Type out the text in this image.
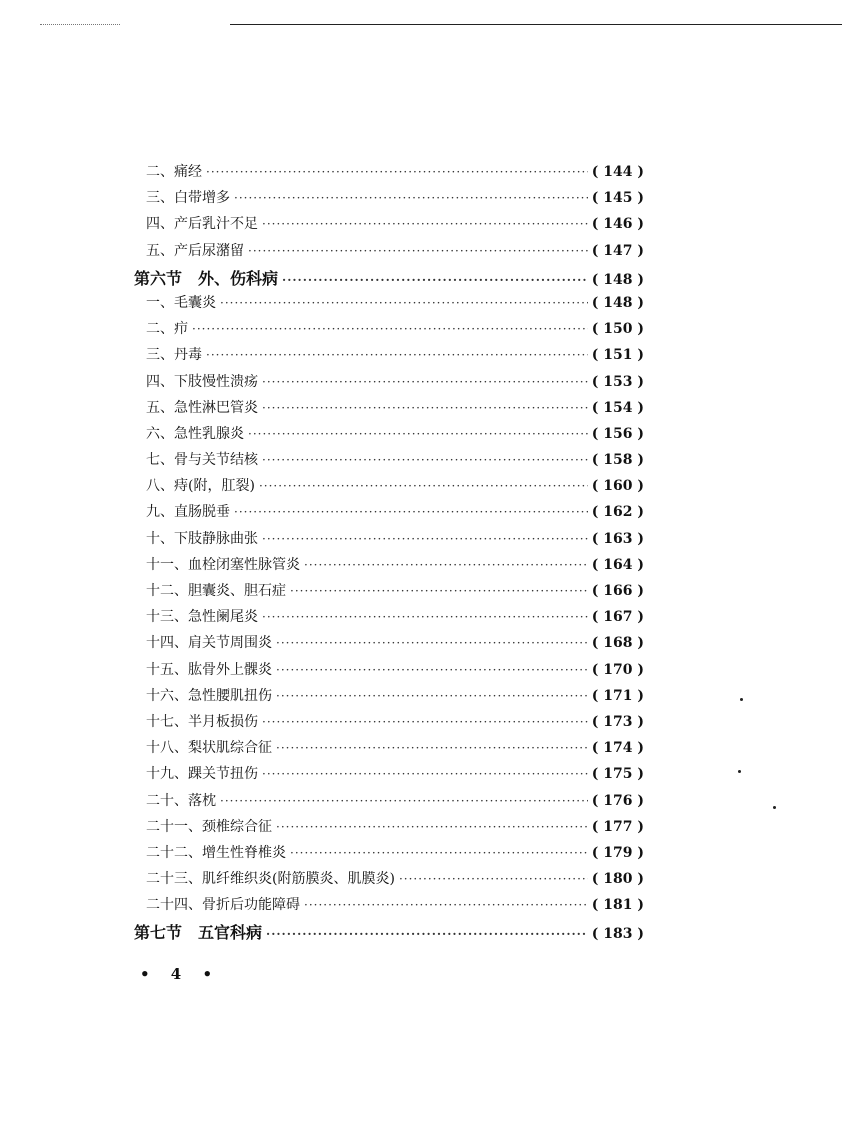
二、痛经 ·····	( 144 )
三、白带增多 ·····	( 145 )
四、产后乳汁不足 ·····	( 146 )
五、产后尿潴留 ·····	( 147 )
第六节　外、伤科病 ·····	( 148 )
一、毛囊炎 ·····	( 148 )
二、疖 ·····	( 150 )
三、丹毒 ·····	( 151 )
四、下肢慢性溃疡 ·····	( 153 )
五、急性淋巴管炎 ·····	( 154 )
六、急性乳腺炎 ·····	( 156 )
七、骨与关节结核 ·····	( 158 )
八、痔(附，肛裂) ·····	( 160 )
九、直肠脱垂 ·····	( 162 )
十、下肢静脉曲张 ·····	( 163 )
十一、血栓闭塞性脉管炎 ·····	( 164 )
十二、胆囊炎、胆石症 ·····	( 166 )
十三、急性阑尾炎 ·····	( 167 )
十四、肩关节周围炎 ·····	( 168 )
十五、肱骨外上髁炎 ·····	( 170 )
十六、急性腰肌扭伤 ·····	( 171 )
十七、半月板损伤 ·····	( 173 )
十八、梨状肌综合征 ·····	( 174 )
十九、踝关节扭伤 ·····	( 175 )
二十、落枕 ·····	( 176 )
二十一、颈椎综合征 ·····	( 177 )
二十二、增生性脊椎炎 ·····	( 179 )
二十三、肌纤维织炎(附筋膜炎、肌膜炎) ·····	( 180 )
二十四、骨折后功能障碍 ·····	( 181 )
第七节　五官科病 ·····	( 183 )
• 4 •
